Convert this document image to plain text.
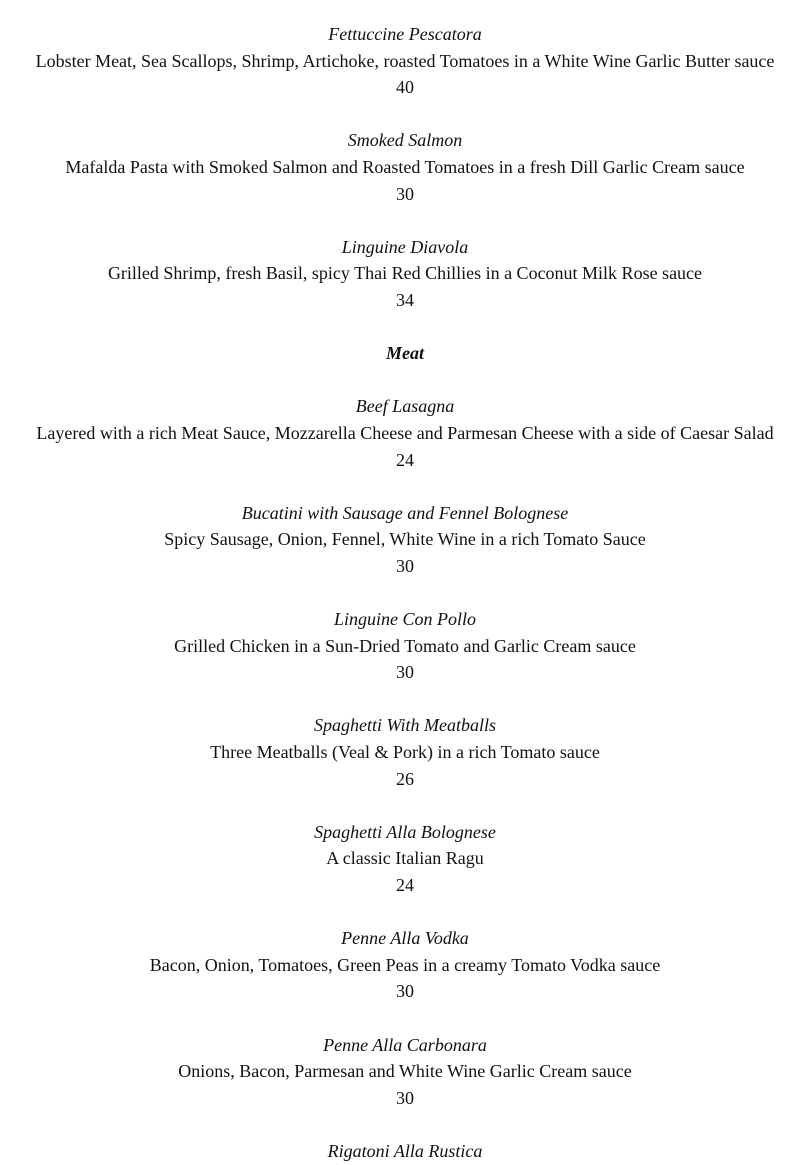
Fettuccine Pescatora
Lobster Meat, Sea Scallops, Shrimp, Artichoke, roasted Tomatoes in a White Wine Garlic Butter sauce
40
Smoked Salmon
Mafalda Pasta with Smoked Salmon and Roasted Tomatoes in a fresh Dill Garlic Cream sauce
30
Linguine Diavola
Grilled Shrimp, fresh Basil, spicy Thai Red Chillies in a Coconut Milk Rose sauce
34
Meat
Beef Lasagna
Layered with a rich Meat Sauce, Mozzarella Cheese and Parmesan Cheese with a side of Caesar Salad
24
Bucatini with Sausage and Fennel Bolognese
Spicy Sausage, Onion, Fennel, White Wine in a rich Tomato Sauce
30
Linguine Con Pollo
Grilled Chicken in a Sun-Dried Tomato and Garlic Cream sauce
30
Spaghetti With Meatballs
Three Meatballs (Veal & Pork) in a rich Tomato sauce
26
Spaghetti Alla Bolognese
A classic Italian Ragu
24
Penne Alla Vodka
Bacon, Onion, Tomatoes, Green Peas in a creamy Tomato Vodka sauce
30
Penne Alla Carbonara
Onions, Bacon, Parmesan and White Wine Garlic Cream sauce
30
Rigatoni Alla Rustica
